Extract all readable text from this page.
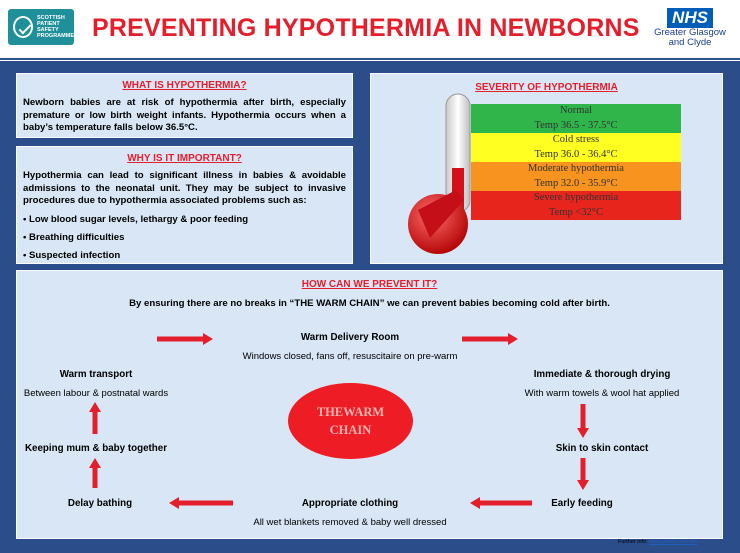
SCOTTISH
PATIENT
SAFETY
PROGRAMME PREVENTING HYPOTHERMIA IN NEWBORNS	NHS
Greater Glasgow
and Clyde
WHAT IS HYPOTHERMIA?
Newborn babies are at risk of hypothermia after birth, especially premature or low birth weight infants. Hypothermia occurs when a baby’s temperature falls below 36.5°C.
WHY IS IT IMPORTANT?
Hypothermia can lead to significant illness in babies & avoidable admissions to the neonatal unit. They may be subject to invasive procedures due to hypothermia associated problems such as:
• Low blood sugar levels, lethargy & poor feeding
• Breathing difficulties
• Suspected infection
SEVERITY OF HYPOTHERMIA
Normal
Temp 36.5 - 37.5°C
Cold stress
Temp 36.0 - 36.4°C
Moderate hypothermia
Temp 32.0 - 35.9°C
Severe hypothermia
Temp <32°C
HOW CAN WE PREVENT IT?
By ensuring there are no breaks in “THE WARM CHAIN” we can prevent babies becoming cold after birth.
Warm Delivery Room
Windows closed, fans off, resuscitaire on pre-warm
Immediate & thorough drying
With warm towels & wool hat applied
Skin to skin contact
Early feeding
Appropriate clothing
All wet blankets removed & baby well dressed
Delay bathing
Keeping mum & baby together
Warm transport
Between labour & postnatal wards
THEWARM
CHAIN
Further info: www.ytx@x.nhs.net
